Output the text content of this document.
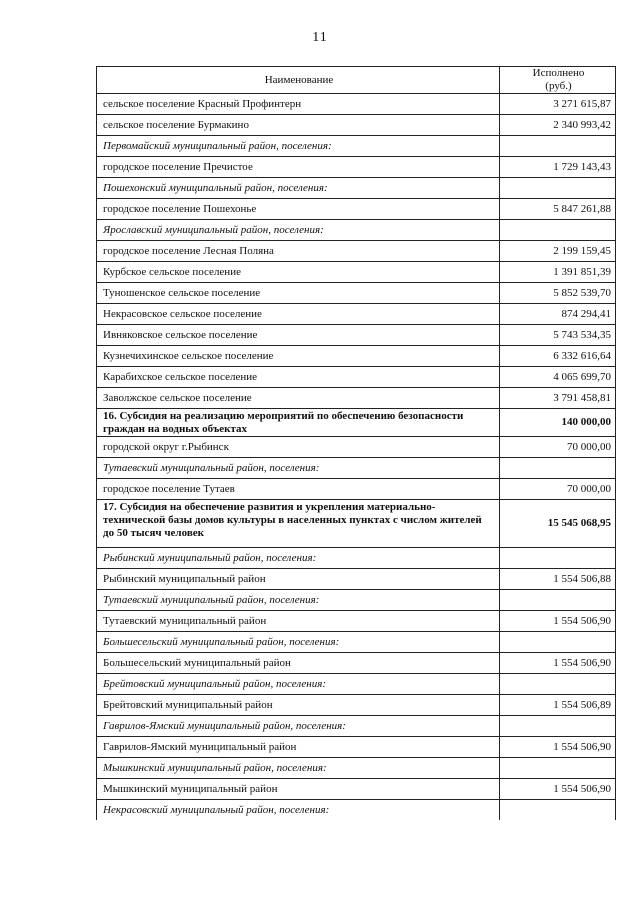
11
Наименование	Исполнено
(руб.)
сельское поселение Красный Профинтерн	3 271 615,87
сельское поселение Бурмакино	2 340 993,42
Первомайский муниципальный район, поселения:	
городское поселение Пречистое	1 729 143,43
Пошехонский муниципальный район, поселения:	
городское поселение Пошехонье	5 847 261,88
Ярославский муниципальный район, поселения:	
городское поселение Лесная Поляна	2 199 159,45
Курбское сельское поселение	1 391 851,39
Туношенское сельское поселение	5 852 539,70
Некрасовское сельское поселение	874 294,41
Ивняковское сельское поселение	5 743 534,35
Кузнечихинское сельское поселение	6 332 616,64
Карабихское сельское поселение	4 065 699,70
Заволжское сельское поселение	3 791 458,81
16. Субсидия на реализацию мероприятий по обеспечению безопасности граждан на водных объектах	140 000,00
городской округ г.Рыбинск	70 000,00
Тутаевский муниципальный район, поселения:	
городское поселение Тутаев	70 000,00
17. Субсидия на обеспечение развития и укрепления материально-технической базы домов культуры в населенных пунктах с числом жителей до 50 тысяч человек	15 545 068,95
Рыбинский муниципальный район, поселения:	
Рыбинский муниципальный район	1 554 506,88
Тутаевский муниципальный район, поселения:	
Тутаевский муниципальный район	1 554 506,90
Большесельский муниципальный район, поселения:	
Большесельский муниципальный район	1 554 506,90
Брейтовский муниципальный район, поселения:	
Брейтовский муниципальный район	1 554 506,89
Гаврилов-Ямский муниципальный район, поселения:	
Гаврилов-Ямский муниципальный район	1 554 506,90
Мышкинский муниципальный район, поселения:	
Мышкинский муниципальный район	1 554 506,90
Некрасовский муниципальный район, поселения:	
